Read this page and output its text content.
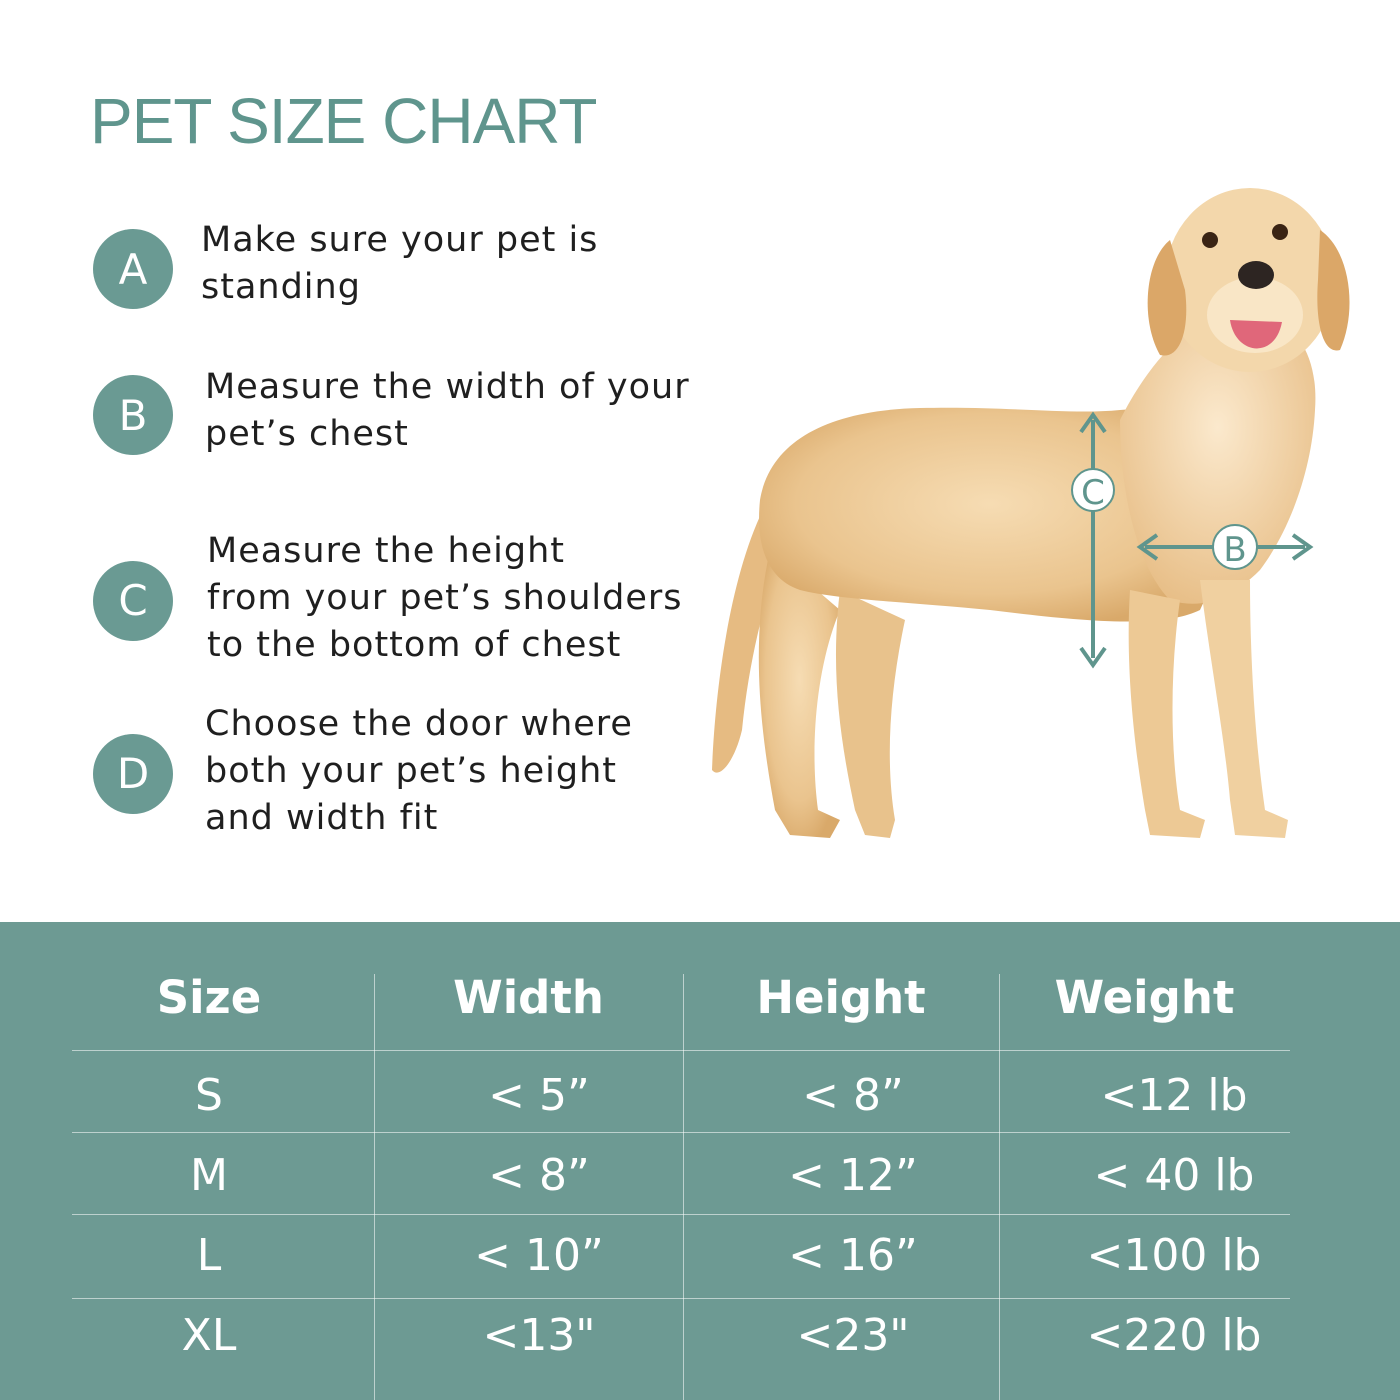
PET SIZE CHART
A
Make sure your pet is
standing
B
Measure the width of your
pet’s chest
C
Measure the height
from your pet’s shoulders
to the bottom of chest
D
Choose the door where
both your pet’s height
and width fit
C
B
Size	Width	Height	Weight
S	< 5”	< 8”	<12 lb
M	< 8”	< 12”	< 40 lb
L	< 10”	< 16”	<100 lb
XL	<13"	<23"	<220 lb
